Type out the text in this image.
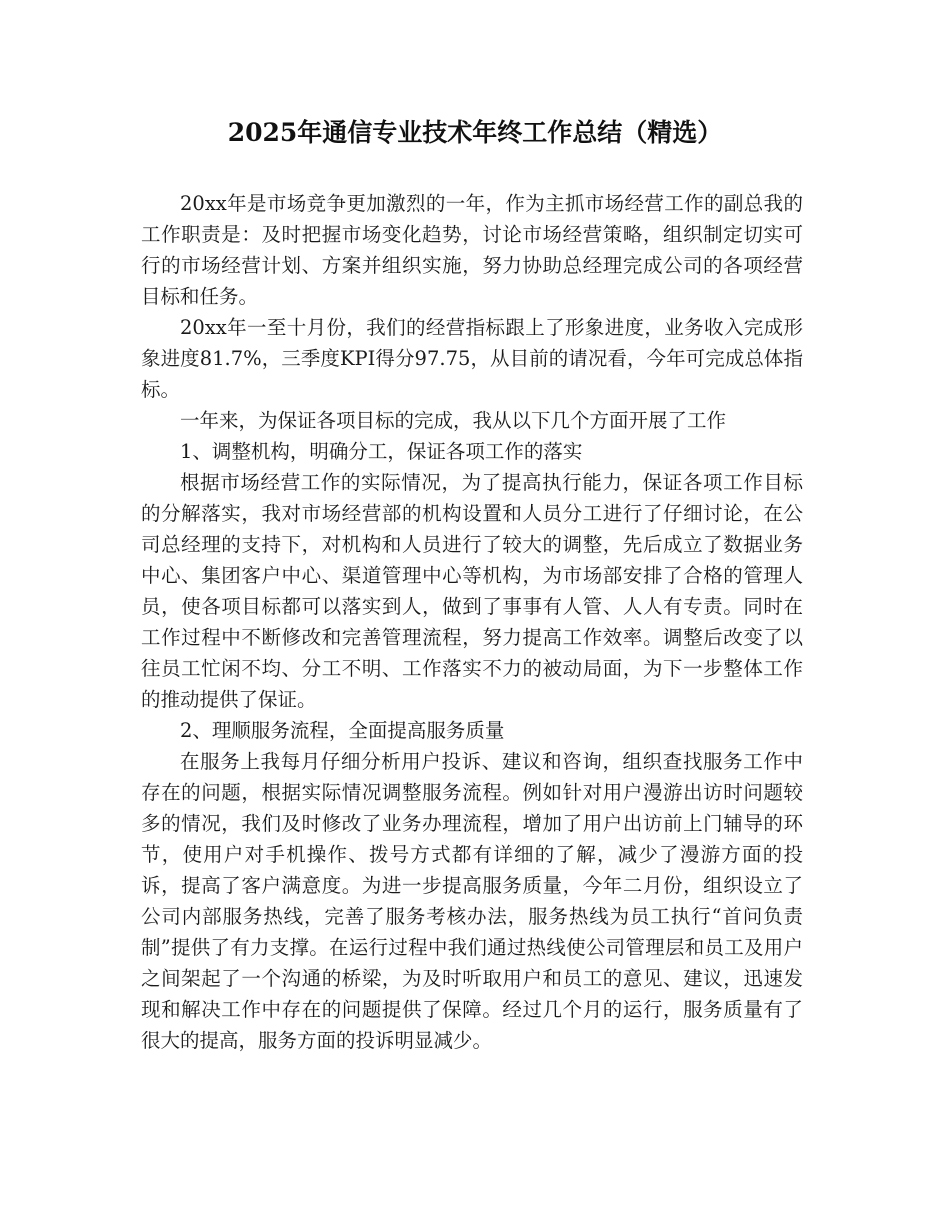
2025年通信专业技术年终工作总结（精选）

20xx年是市场竞争更加激烈的一年，作为主抓市场经营工作的副总我的工作职责是：及时把握市场变化趋势，讨论市场经营策略，组织制定切实可行的市场经营计划、方案并组织实施，努力协助总经理完成公司的各项经营目标和任务。

20xx年一至十月份，我们的经营指标跟上了形象进度，业务收入完成形象进度81.7%，三季度KPI得分97.75，从目前的请况看，今年可完成总体指标。

一年来，为保证各项目标的完成，我从以下几个方面开展了工作

1、调整机构，明确分工，保证各项工作的落实

根据市场经营工作的实际情况，为了提高执行能力，保证各项工作目标的分解落实，我对市场经营部的机构设置和人员分工进行了仔细讨论，在公司总经理的支持下，对机构和人员进行了较大的调整，先后成立了数据业务中心、集团客户中心、渠道管理中心等机构，为市场部安排了合格的管理人员，使各项目标都可以落实到人，做到了事事有人管、人人有专责。同时在工作过程中不断修改和完善管理流程，努力提高工作效率。调整后改变了以往员工忙闲不均、分工不明、工作落实不力的被动局面，为下一步整体工作的推动提供了保证。

2、理顺服务流程，全面提高服务质量

在服务上我每月仔细分析用户投诉、建议和咨询，组织查找服务工作中存在的问题，根据实际情况调整服务流程。例如针对用户漫游出访时问题较多的情况，我们及时修改了业务办理流程，增加了用户出访前上门辅导的环节，使用户对手机操作、拨号方式都有详细的了解，减少了漫游方面的投诉，提高了客户满意度。为进一步提高服务质量，今年二月份，组织设立了公司内部服务热线，完善了服务考核办法，服务热线为员工执行“首问负责制”提供了有力支撑。在运行过程中我们通过热线使公司管理层和员工及用户之间架起了一个沟通的桥梁，为及时听取用户和员工的意见、建议，迅速发现和解决工作中存在的问题提供了保障。经过几个月的运行，服务质量有了很大的提高，服务方面的投诉明显减少。
